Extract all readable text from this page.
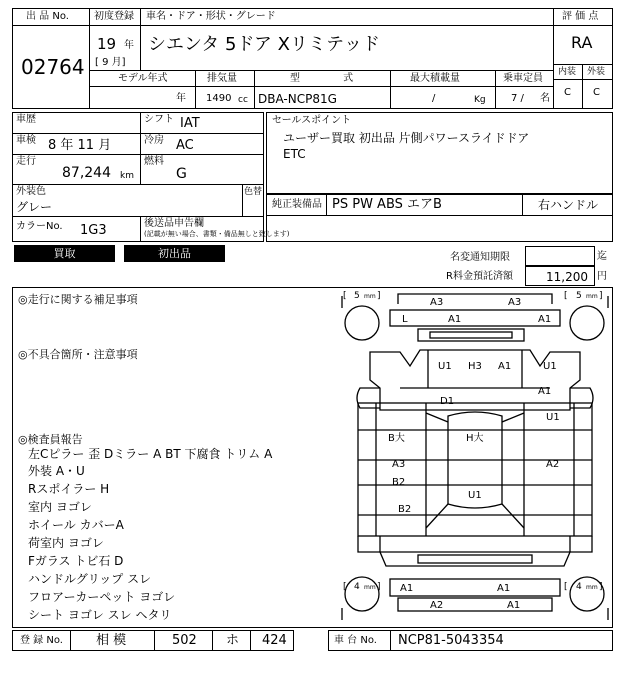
出 品 No.
02764
初度登録 車名・ドア・形状・グレード
19 年
[ 9 月]
シエンタ 5ドア Xリミテッド
評 価 点
RA
内装 外装
C C
モデル年式	排気量	型 式	最大積載量	乗車定員
年 1490 cc DBA-NCP81G	/	Kg	7 / 名
車歴	シフト IAT
車検 8 年 11 月	冷房 AC
走行
87,244 km
燃料
G
外装色
グレー
色替
カラーNo. 1G3	後送品申告欄
(記載が無い場合、書類・備品無しと致します)
セールスポイント
ユーザー買取 初出品 片側パワースライドドア
ETC
純正装備品 PS PW ABS エアB	右ハンドル
買取	初出品	名変通知期限	迄
R料金預託済額	11,200 円
◎走行に関する補足事項
◎不具合箇所・注意事項
◎検査員報告
左Cピラー 歪 Dミラー A BT 下腐食 トリム A
外装 A・U
Rスポイラー H
室内 ヨゴレ
ホイール カバーA
荷室内 ヨゴレ
Fガラス トビ石 D
ハンドルグリップ スレ
フロアーカーペット ヨゴレ
シート ヨゴレ スレ ヘタリ
[ 5 mm ]	[ 5 mm ]
[ 4 mm ]	[ 4 mm ]
A3	A3
L	A1	A1
U1 H3 A1	U1
A1
D1
U1
B大	H大
A3	A2
B2
U1
B2
A1	A1
A2	A1
登 録 No.	相 模	502 ホ 424	車 台 No. NCP81-5043354
